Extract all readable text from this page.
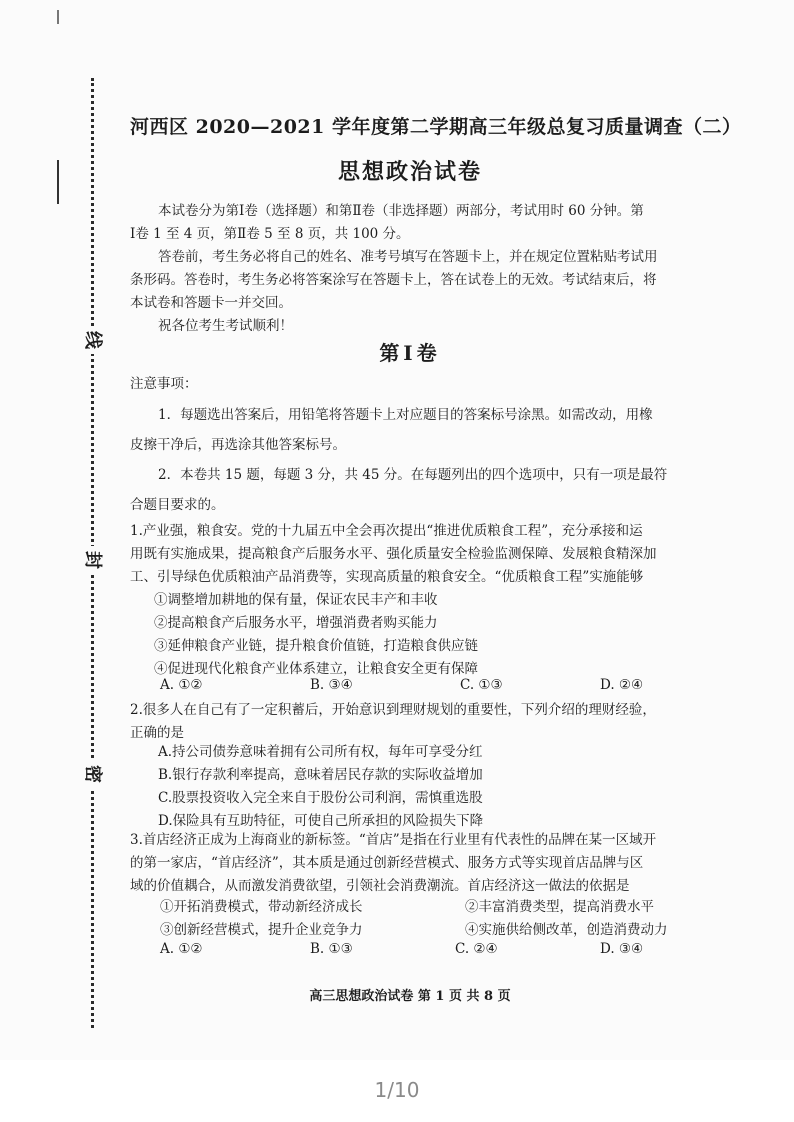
线
封
密
河西区 2020—2021 学年度第二学期高三年级总复习质量调查（二）
思想政治试卷
本试卷分为第Ⅰ卷（选择题）和第Ⅱ卷（非选择题）两部分，考试用时 60 分钟。第
Ⅰ卷 1 至 4 页，第Ⅱ卷 5 至 8 页，共 100 分。
答卷前，考生务必将自己的姓名、准考号填写在答题卡上，并在规定位置粘贴考试用
条形码。答卷时，考生务必将答案涂写在答题卡上，答在试卷上的无效。考试结束后，将
本试卷和答题卡一并交回。
祝各位考生考试顺利！
第Ⅰ卷
注意事项：
1．每题选出答案后，用铅笔将答题卡上对应题目的答案标号涂黑。如需改动，用橡
皮擦干净后，再选涂其他答案标号。
2．本卷共 15 题，每题 3 分，共 45 分。在每题列出的四个选项中，只有一项是最符
合题目要求的。
1.产业强，粮食安。党的十九届五中全会再次提出“推进优质粮食工程”，充分承接和运
用既有实施成果，提高粮食产后服务水平、强化质量安全检验监测保障、发展粮食精深加
工、引导绿色优质粮油产品消费等，实现高质量的粮食安全。“优质粮食工程”实施能够
①调整增加耕地的保有量，保证农民丰产和丰收
②提高粮食产后服务水平，增强消费者购买能力
③延伸粮食产业链，提升粮食价值链，打造粮食供应链
④促进现代化粮食产业体系建立，让粮食安全更有保障
A. ①②	B. ③④	C. ①③	D. ②④
2.很多人在自己有了一定积蓄后，开始意识到理财规划的重要性，下列介绍的理财经验，
正确的是
A.持公司债券意味着拥有公司所有权，每年可享受分红
B.银行存款利率提高，意味着居民存款的实际收益增加
C.股票投资收入完全来自于股份公司利润，需慎重选股
D.保险具有互助特征，可使自己所承担的风险损失下降
3.首店经济正成为上海商业的新标签。“首店”是指在行业里有代表性的品牌在某一区域开
的第一家店，“首店经济”，其本质是通过创新经营模式、服务方式等实现首店品牌与区
域的价值耦合，从而激发消费欲望，引领社会消费潮流。首店经济这一做法的依据是
①开拓消费模式，带动新经济成长	②丰富消费类型，提高消费水平
③创新经营模式，提升企业竞争力	④实施供给侧改革，创造消费动力
A. ①②	B. ①③	C. ②④	D. ③④
高三思想政治试卷 第 1 页 共 8 页
1/10
